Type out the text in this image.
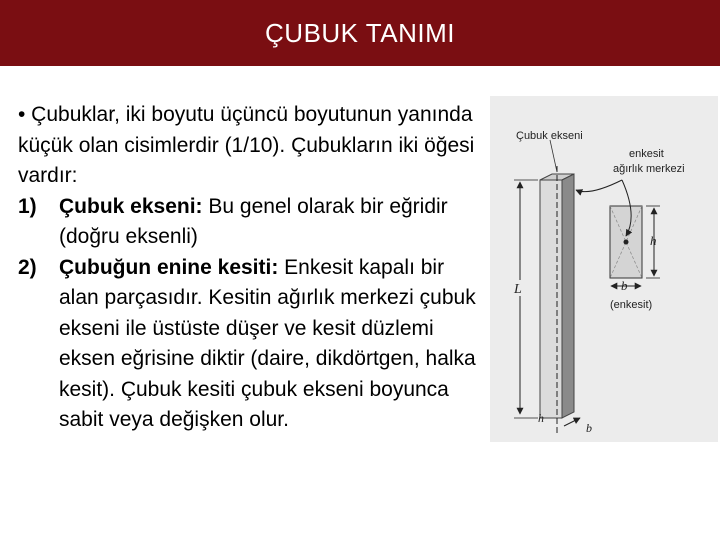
ÇUBUK TANIMI

• Çubuklar, iki boyutu üçüncü boyutunun yanında küçük olan cisimlerdir (1/10). Çubukların iki öğesi vardır:

1) Çubuk ekseni: Bu genel olarak bir eğridir (doğru eksenli)

2) Çubuğun enine kesiti: Enkesit kapalı bir alan parçasıdır. Kesitin ağırlık merkezi çubuk ekseni ile üstüste düşer ve kesit düzlemi eksen eğrisine diktir (daire, dikdörtgen, halka kesit). Çubuk kesiti çubuk ekseni boyunca sabit veya değişken olur.

Çubuk ekseni
enkesit
ağırlık merkezi
h
b
(enkesit)
L
h
b
